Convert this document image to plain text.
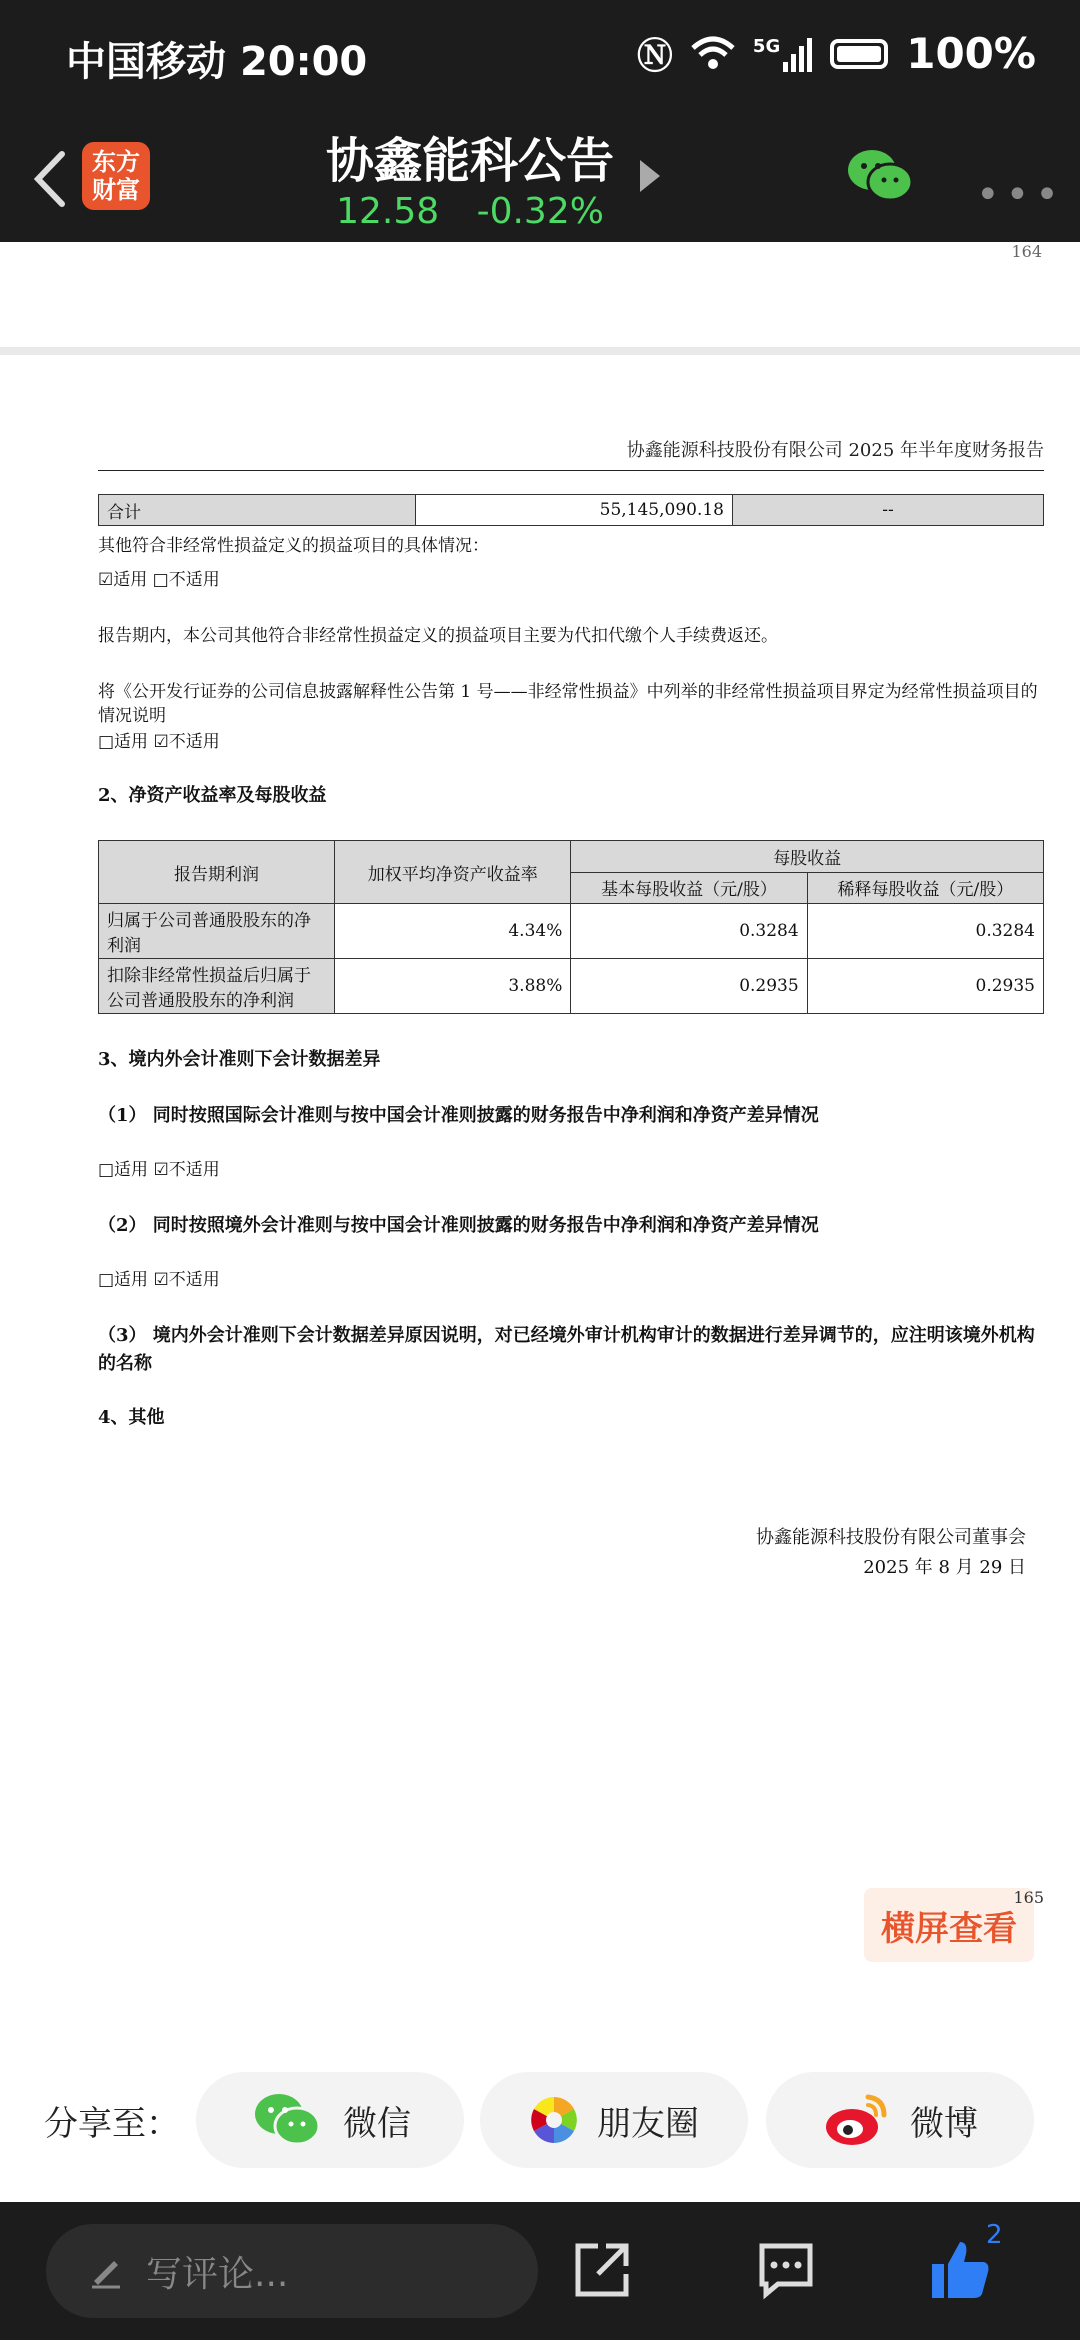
中国移动 20:00	Ⓝ	5G	100%
东方
财富
协鑫能科公告
12.58 -0.32%	•••
164
协鑫能源科技股份有限公司 2025 年半年度财务报告
合计	55,145,090.18	--
其他符合非经常性损益定义的损益项目的具体情况：
☑适用 □不适用
报告期内，本公司其他符合非经常性损益定义的损益项目主要为代扣代缴个人手续费返还。
将《公开发行证券的公司信息披露解释性公告第 1 号——非经常性损益》中列举的非经常性损益项目界定为经常性损益项目的情况说明
□适用 ☑不适用
2、净资产收益率及每股收益
报告期利润	加权平均净资产收益率	每股收益	
		基本每股收益（元/股）	稀释每股收益（元/股）
归属于公司普通股股东的净利润	4.34%	0.3284	0.3284
扣除非经常性损益后归属于公司普通股股东的净利润	3.88%	0.2935	0.2935
3、境内外会计准则下会计数据差异
（1） 同时按照国际会计准则与按中国会计准则披露的财务报告中净利润和净资产差异情况
□适用 ☑不适用
（2） 同时按照境外会计准则与按中国会计准则披露的财务报告中净利润和净资产差异情况
□适用 ☑不适用
（3） 境内外会计准则下会计数据差异原因说明，对已经境外审计机构审计的数据进行差异调节的，应注明该境外机构的名称
4、其他
协鑫能源科技股份有限公司董事会
2025 年 8 月 29 日
横屏查看
165
分享至：	微信	朋友圈	微博
写评论...
2
